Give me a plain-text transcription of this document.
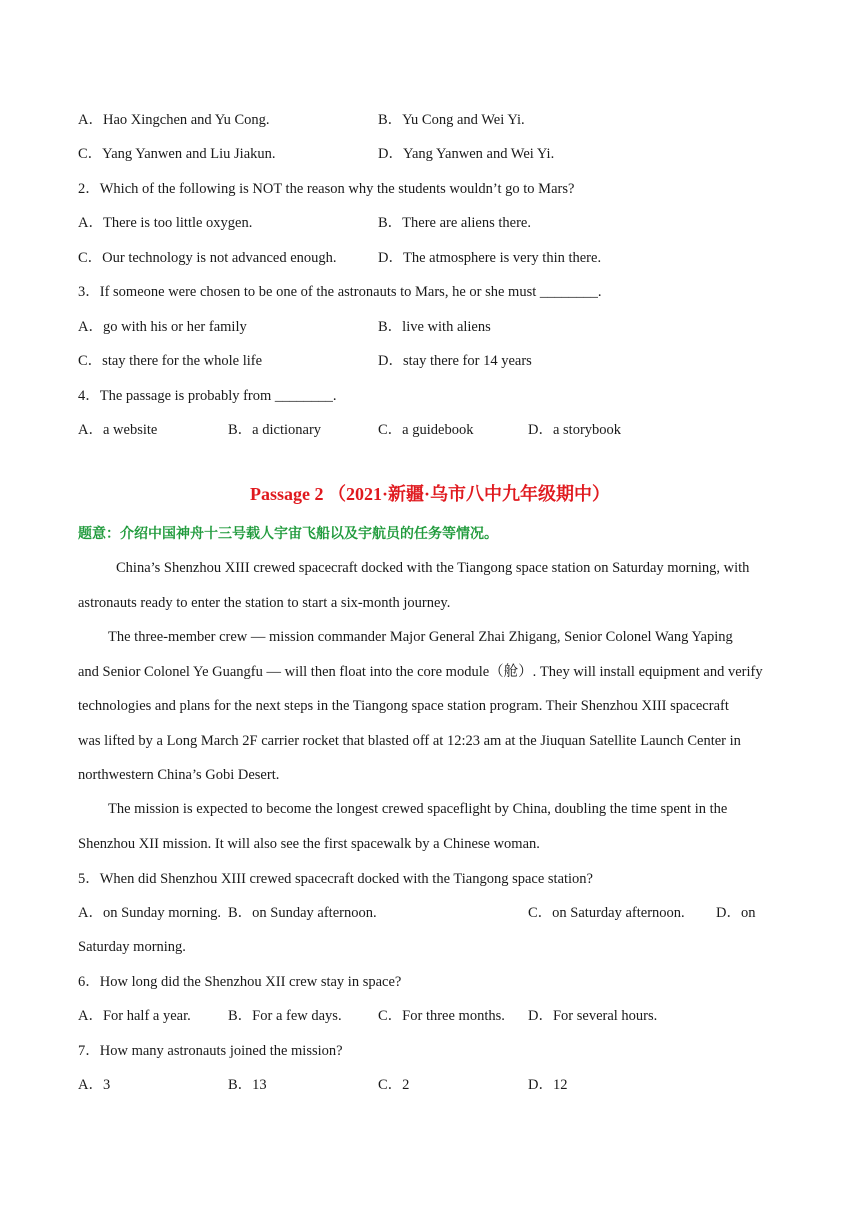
A．Hao Xingchen and Yu Cong.	B．Yu Cong and Wei Yi.
C．Yang Yanwen and Liu Jiakun.	D．Yang Yanwen and Wei Yi.
2．Which of the following is NOT the reason why the students wouldn’t go to Mars?
A．There is too little oxygen.	B．There are aliens there.
C．Our technology is not advanced enough.	D．The atmosphere is very thin there.
3．If someone were chosen to be one of the astronauts to Mars, he or she must ________.
A．go with his or her family	B．live with aliens
C．stay there for the whole life	D．stay there for 14 years
4．The passage is probably from ________.
A．a website	B．a dictionary	C．a guidebook	D．a storybook
Passage 2 （2021·新疆·乌市八中九年级期中）
题意：介绍中国神舟十三号载人宇宙飞船以及宇航员的任务等情况。
China’s Shenzhou XIII crewed spacecraft docked with the Tiangong space station on Saturday morning, with
astronauts ready to enter the station to start a six-month journey.
The three-member crew — mission commander Major General Zhai Zhigang, Senior Colonel Wang Yaping
and Senior Colonel Ye Guangfu — will then float into the core module（舱）. They will install equipment and verify
technologies and plans for the next steps in the Tiangong space station program. Their Shenzhou XIII spacecraft
was lifted by a Long March 2F carrier rocket that blasted off at 12:23 am at the Jiuquan Satellite Launch Center in
northwestern China’s Gobi Desert.
The mission is expected to become the longest crewed spaceflight by China, doubling the time spent in the
Shenzhou XII mission. It will also see the first spacewalk by a Chinese woman.
5．When did Shenzhou XIII crewed spacecraft docked with the Tiangong space station?
A．on Sunday morning. B．on Sunday afternoon.	C．on Saturday afternoon. D．on
Saturday morning.
6．How long did the Shenzhou XII crew stay in space?
A．For half a year.	B．For a few days.	C．For three months. D．For several hours.
7．How many astronauts joined the mission?
A．3	B．13	C．2	D．12
